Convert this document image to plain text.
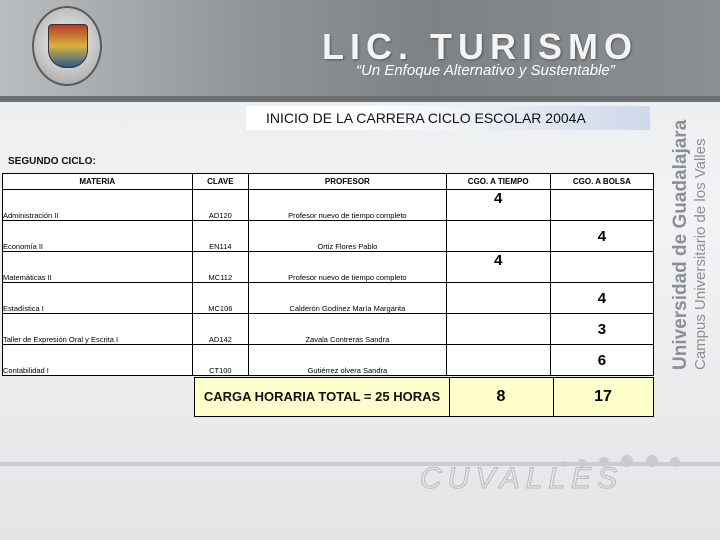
LIC. TURISMO
“Un Enfoque Alternativo y Sustentable”
INICIO DE LA CARRERA CICLO ESCOLAR 2004A
Universidad de Guadalajara Campus Universitario de los Valles
SEGUNDO CICLO:
MATERIA	CLAVE	PROFESOR	CGO. A TIEMPO	CGO. A BOLSA
Administración II	AD120	Profesor nuevo de tiempo completo	4	
Economía II	EN114	Ortiz Flores Pablo		4
Matemáticas II	MC112	Profesor nuevo de tiempo completo	4	
Estadística I	MC106	Calderón Godínez María Margarita		4
Taller de Expresión Oral y Escrita I	AD142	Zavala Contreras Sandra		3
Contabilidad I	CT100	Gutiérrez olvera Sandra		6
CARGA HORARIA TOTAL = 25 HORAS	8	17

CUVALLES
